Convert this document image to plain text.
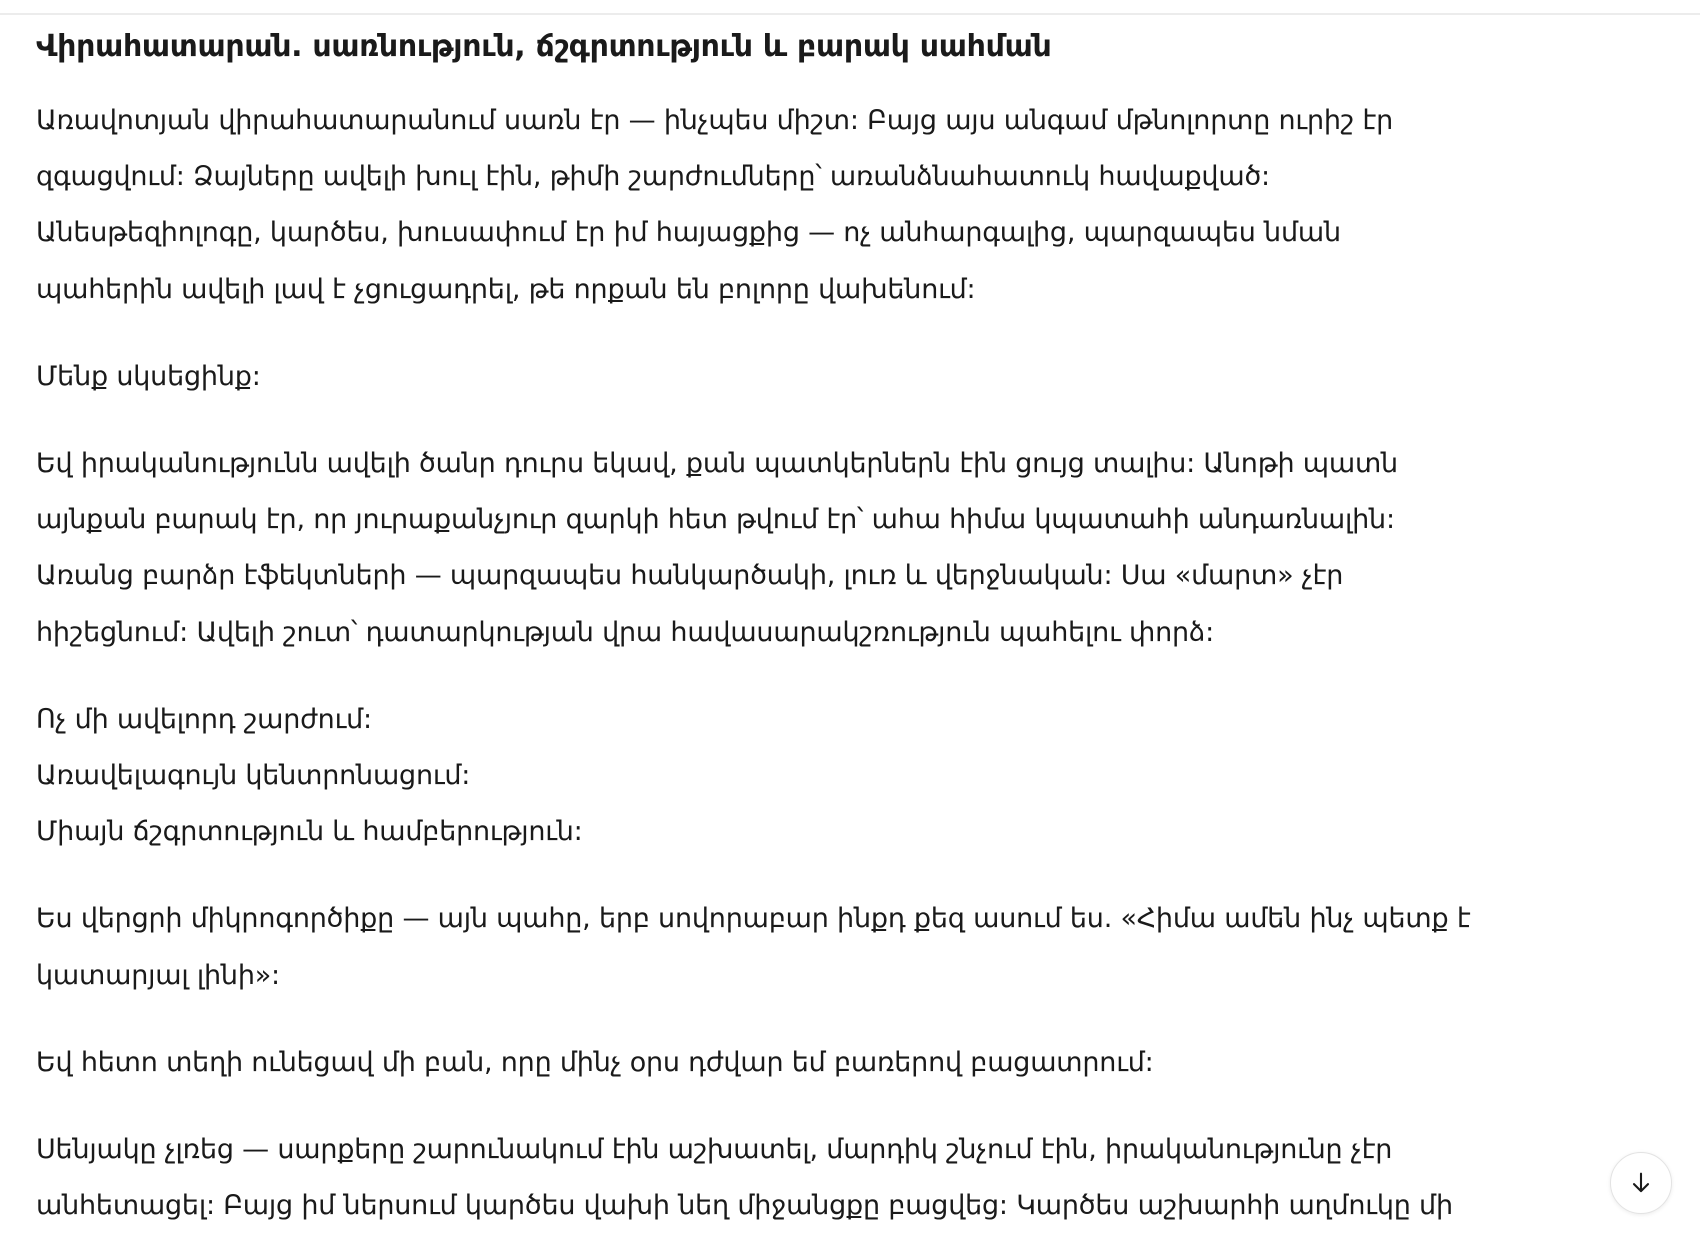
Վիրահատարան. սառնություն, ճշգրտություն և բարակ սահման
Առավոտյան վիրահատարանում սառն էր — ինչպես միշտ: Բայց այս անգամ մթնոլորտը ուրիշ էր
զգացվում: Ձայները ավելի խուլ էին, թիմի շարժումները՝ առանձնահատուկ հավաքված:
Անեսթեզիոլոգը, կարծես, խուսափում էր իմ հայացքից — ոչ անհարգալից, պարզապես նման
պահերին ավելի լավ է չցուցադրել, թե որքան են բոլորը վախենում:
Մենք սկսեցինք:
Եվ իրականությունն ավելի ծանր դուրս եկավ, քան պատկերներն էին ցույց տալիս: Անոթի պատն
այնքան բարակ էր, որ յուրաքանչյուր զարկի հետ թվում էր՝ ահա հիմա կպատահի անդառնալին:
Առանց բարձր էֆեկտների — պարզապես հանկարծակի, լուռ և վերջնական: Սա «մարտ» չէր
հիշեցնում: Ավելի շուտ՝ դատարկության վրա հավասարակշռություն պահելու փորձ:
Ոչ մի ավելորդ շարժում:
Առավելագույն կենտրոնացում:
Միայն ճշգրտություն և համբերություն:
Ես վերցրի միկրոգործիքը — այն պահը, երբ սովորաբար ինքդ քեզ ասում ես. «Հիմա ամեն ինչ պետք է
կատարյալ լինի»:
Եվ հետո տեղի ունեցավ մի բան, որը մինչ օրս դժվար եմ բառերով բացատրում:
Սենյակը չլռեց — սարքերը շարունակում էին աշխատել, մարդիկ շնչում էին, իրականությունը չէր
անհետացել: Բայց իմ ներսում կարծես վախի նեղ միջանցքը բացվեց: Կարծես աշխարհի աղմուկը մի
